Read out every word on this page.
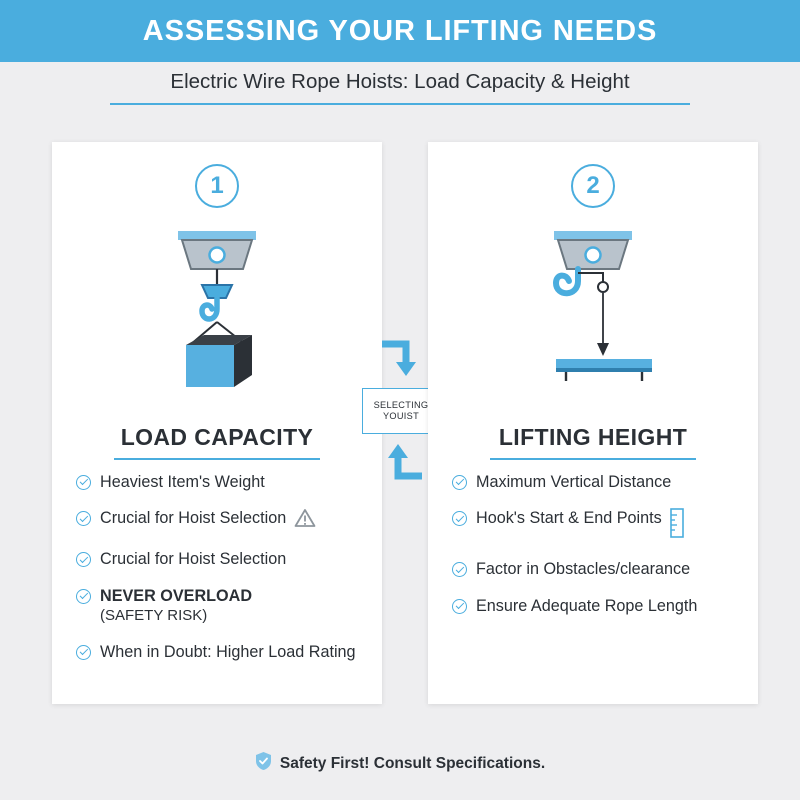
ASSESSING YOUR LIFTING NEEDS
Electric Wire Rope Hoists: Load Capacity & Height
1
LOAD CAPACITY
Heaviest Item's Weight
Crucial for Hoist Selection
Crucial for Hoist Selection
NEVER OVERLOAD
(SAFETY RISK)
When in Doubt: Higher Load Rating
SELECTING
YOUIST
2
LIFTING HEIGHT
Maximum Vertical Distance
Hook's Start & End Points
Factor in Obstacles/clearance
Ensure Adequate Rope Length
Safety First! Consult Specifications.
